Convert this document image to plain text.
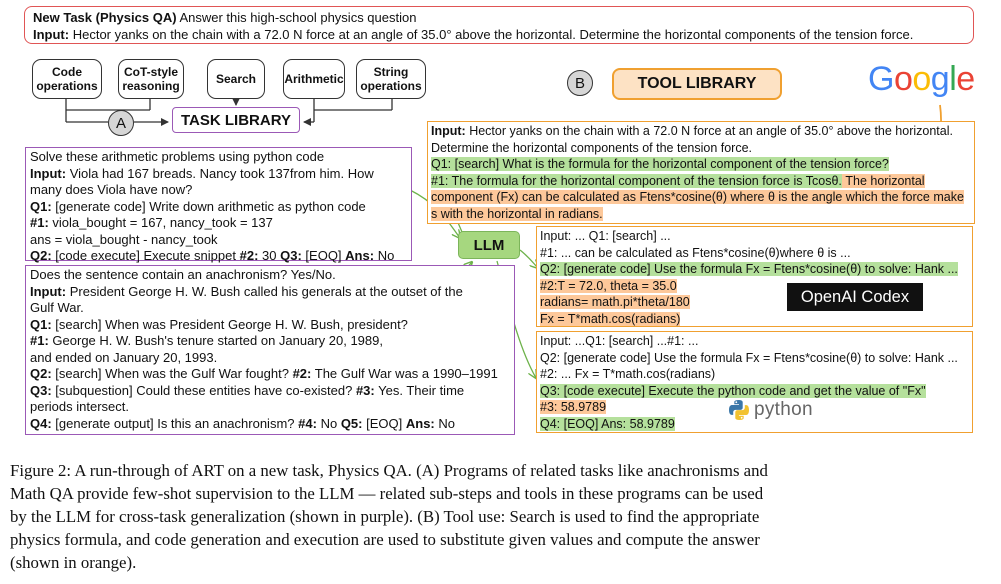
New Task (Physics QA) Answer this high-school physics question
Input: Hector yanks on the chain with a 72.0 N force at an angle of 35.0° above the horizontal. Determine the horizontal components of the tension force.
Code
operations
CoT-style
reasoning	Search Arithmetic	String
operations
A	TASK LIBRARY
B	TOOL LIBRARY	Google
Solve these arithmetic problems using python code
Input: Viola had 167 breads. Nancy took 137from him. How
many does Viola have now?
Q1: [generate code] Write down arithmetic as python code
#1: viola_bought = 167, nancy_took = 137
ans = viola_bought - nancy_took
Q2: [code execute] Execute snippet #2: 30 Q3: [EOQ] Ans: No
Does the sentence contain an anachronism? Yes/No.
Input: President George H. W. Bush called his generals at the outset of the
Gulf War.
Q1: [search] When was President George H. W. Bush, president?
#1: George H. W. Bush's tenure started on January 20, 1989,
and ended on January 20, 1993.
Q2: [search] When was the Gulf War fought? #2: The Gulf War was a 1990–1991
Q3: [subquestion] Could these entities have co-existed? #3: Yes. Their time
periods intersect.
Q4: [generate output] Is this an anachronism? #4: No Q5: [EOQ] Ans: No
Input: Hector yanks on the chain with a 72.0 N force at an angle of 35.0° above the horizontal.
Determine the horizontal components of the tension force.
Q1: [search] What is the formula for the horizontal component of the tension force?
#1: The formula for the horizontal component of the tension force is Tcosθ. The horizontal
component (Fx) can be calculated as Ftens*cosine(θ) where θ is the angle which the force make
s with the horizontal in radians.
Input: ... Q1: [search] ...
#1: ... can be calculated as Ftens*cosine(θ)where θ is ...
Q2: [generate code] Use the formula Fx = Ftens*cosine(θ) to solve: Hank ...
#2:T = 72.0, theta = 35.0
radians= math.pi*theta/180
Fx = T*math.cos(radians)
Input: ...Q1: [search] ...#1: ...
Q2: [generate code] Use the formula Fx = Ftens*cosine(θ) to solve: Hank ...
#2: ... Fx = T*math.cos(radians)
Q3: [code execute] Execute the python code and get the value of "Fx"
#3: 58.9789
Q4: [EOQ] Ans: 58.9789
LLM
OpenAI Codex
python
Figure 2: A run-through of ART on a new task, Physics QA. (A) Programs of related tasks like anachronisms and
Math QA provide few-shot supervision to the LLM — related sub-steps and tools in these programs can be used
by the LLM for cross-task generalization (shown in purple). (B) Tool use: Search is used to find the appropriate
physics formula, and code generation and execution are used to substitute given values and compute the answer
(shown in orange).
